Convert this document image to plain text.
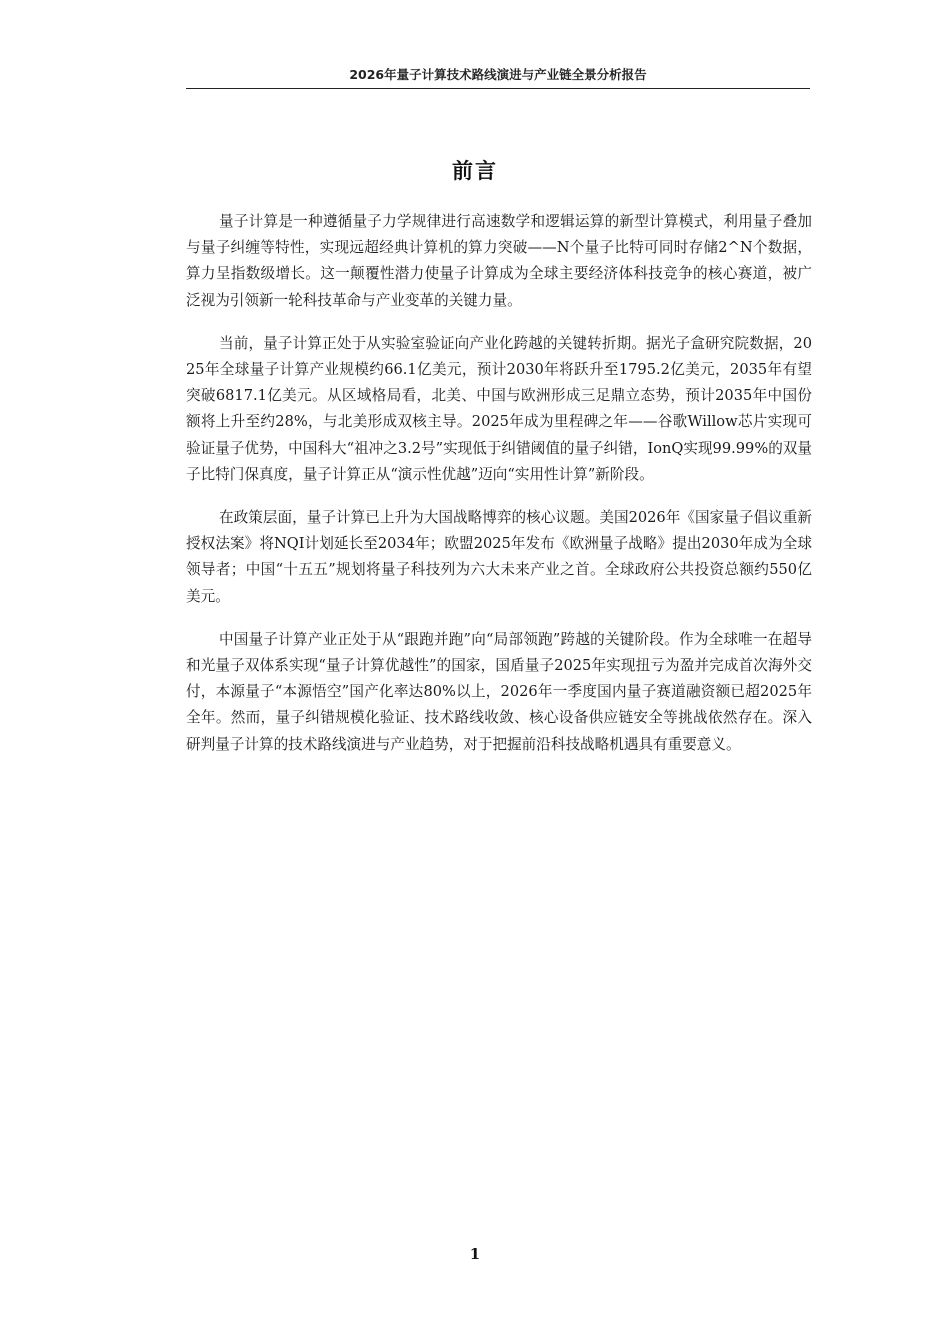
2026年量子计算技术路线演进与产业链全景分析报告
前言

量子计算是一种遵循量子力学规律进行高速数学和逻辑运算的新型计算模式，利用量子叠加与量子纠缠等特性，实现远超经典计算机的算力突破——N个量子比特可同时存储2^N个数据，算力呈指数级增长。这一颠覆性潜力使量子计算成为全球主要经济体科技竞争的核心赛道，被广泛视为引领新一轮科技革命与产业变革的关键力量。

当前，量子计算正处于从实验室验证向产业化跨越的关键转折期。据光子盒研究院数据，2025年全球量子计算产业规模约66.1亿美元，预计2030年将跃升至1795.2亿美元，2035年有望突破6817.1亿美元。从区域格局看，北美、中国与欧洲形成三足鼎立态势，预计2035年中国份额将上升至约28%，与北美形成双核主导。2025年成为里程碑之年——谷歌Willow芯片实现可验证量子优势，中国科大“祖冲之3.2号”实现低于纠错阈值的量子纠错，IonQ实现99.99%的双量子比特门保真度，量子计算正从“演示性优越”迈向“实用性计算”新阶段。

在政策层面，量子计算已上升为大国战略博弈的核心议题。美国2026年《国家量子倡议重新授权法案》将NQI计划延长至2034年；欧盟2025年发布《欧洲量子战略》提出2030年成为全球领导者；中国“十五五”规划将量子科技列为六大未来产业之首。全球政府公共投资总额约550亿美元。

中国量子计算产业正处于从“跟跑并跑”向“局部领跑”跨越的关键阶段。作为全球唯一在超导和光量子双体系实现“量子计算优越性”的国家，国盾量子2025年实现扭亏为盈并完成首次海外交付，本源量子“本源悟空”国产化率达80%以上，2026年一季度国内量子赛道融资额已超2025年全年。然而，量子纠错规模化验证、技术路线收敛、核心设备供应链安全等挑战依然存在。深入研判量子计算的技术路线演进与产业趋势，对于把握前沿科技战略机遇具有重要意义。

1
